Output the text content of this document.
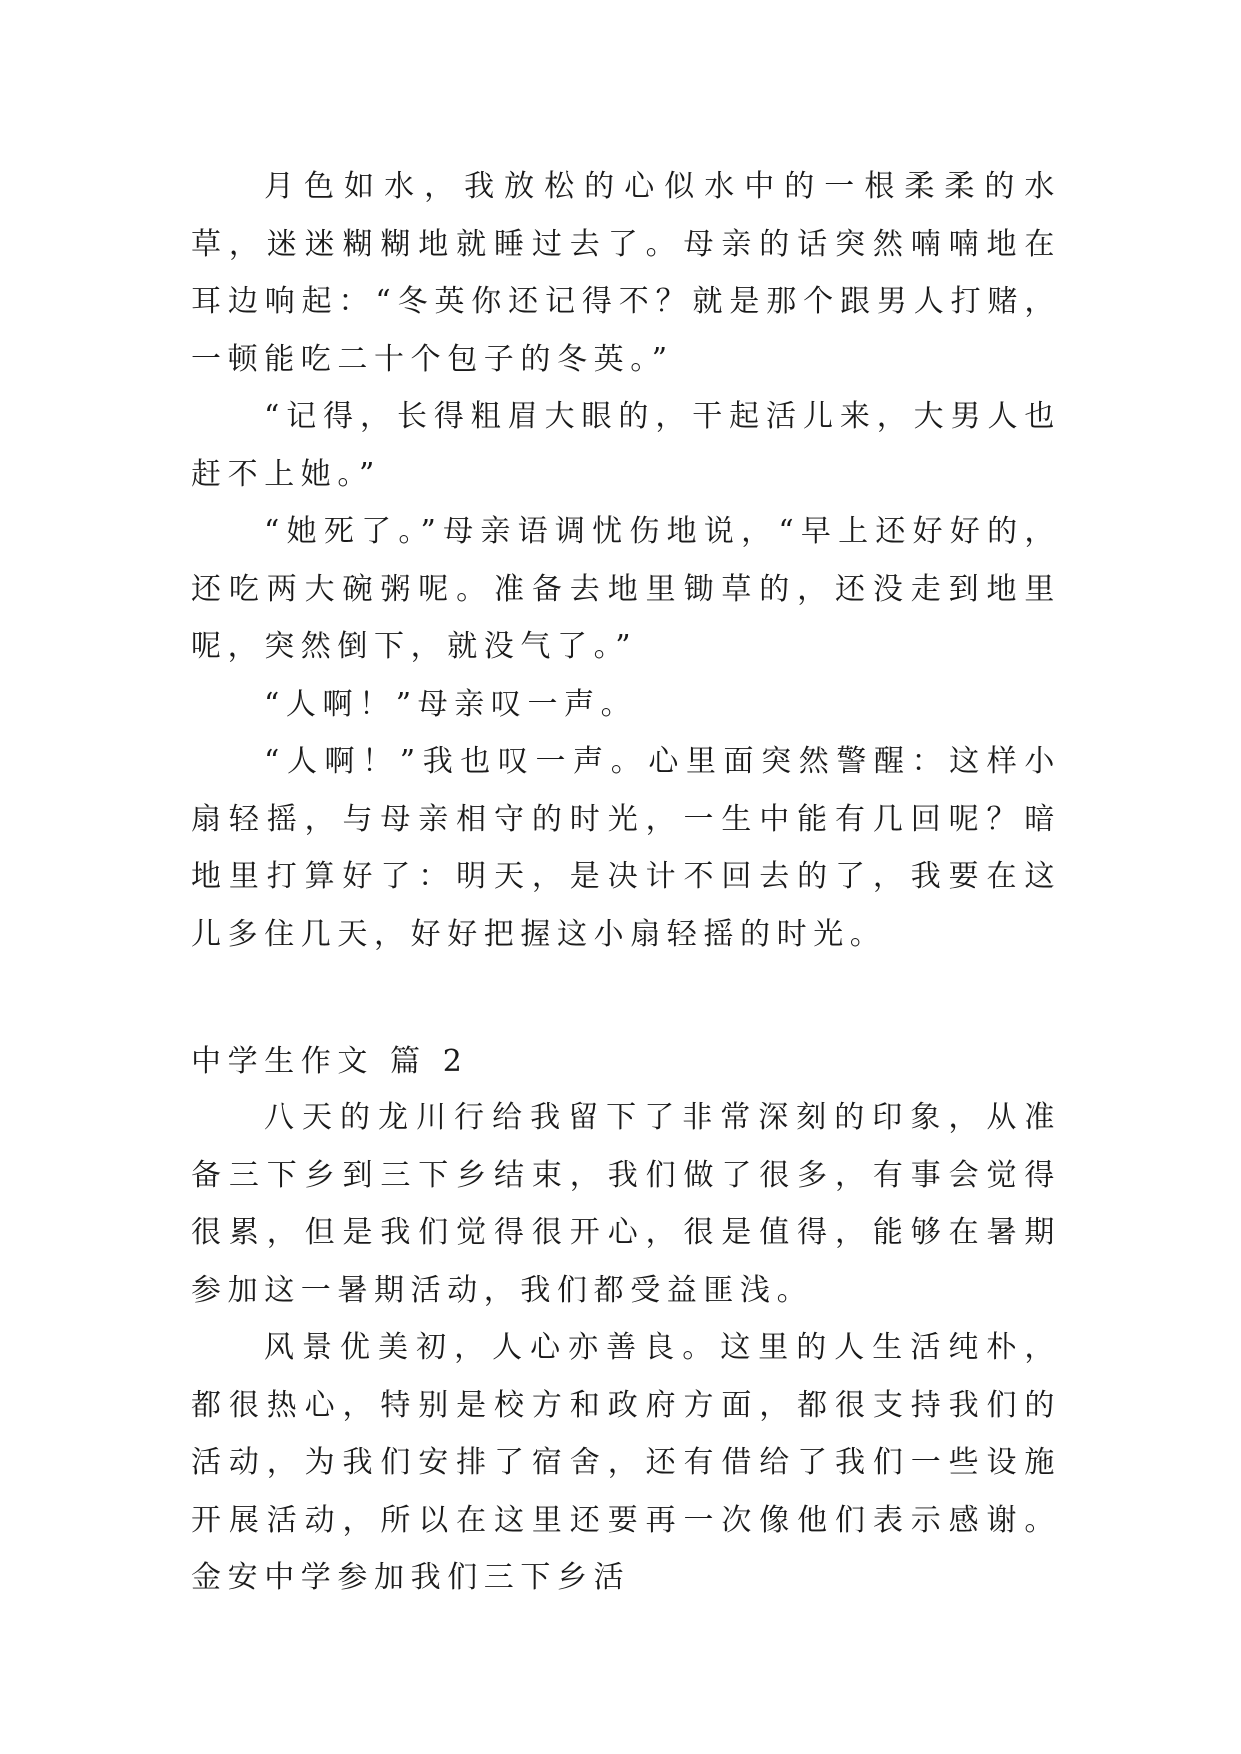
月色如水，我放松的心似水中的一根柔柔的水草，迷迷糊糊地就睡过去了。母亲的话突然喃喃地在耳边响起：“冬英你还记得不？就是那个跟男人打赌，一顿能吃二十个包子的冬英。”

“记得，长得粗眉大眼的，干起活儿来，大男人也赶不上她。”

“她死了。”母亲语调忧伤地说，“早上还好好的，还吃两大碗粥呢。准备去地里锄草的，还没走到地里呢，突然倒下，就没气了。”

“人啊！”母亲叹一声。

“人啊！”我也叹一声。心里面突然警醒：这样小扇轻摇，与母亲相守的时光，一生中能有几回呢？暗地里打算好了：明天，是决计不回去的了，我要在这儿多住几天，好好把握这小扇轻摇的时光。

中学生作文 篇 2

八天的龙川行给我留下了非常深刻的印象，从准备三下乡到三下乡结束，我们做了很多，有事会觉得很累，但是我们觉得很开心，很是值得，能够在暑期参加这一暑期活动，我们都受益匪浅。

风景优美初，人心亦善良。这里的人生活纯朴，都很热心，特别是校方和政府方面，都很支持我们的活动，为我们安排了宿舍，还有借给了我们一些设施开展活动，所以在这里还要再一次像他们表示感谢。金安中学参加我们三下乡活
